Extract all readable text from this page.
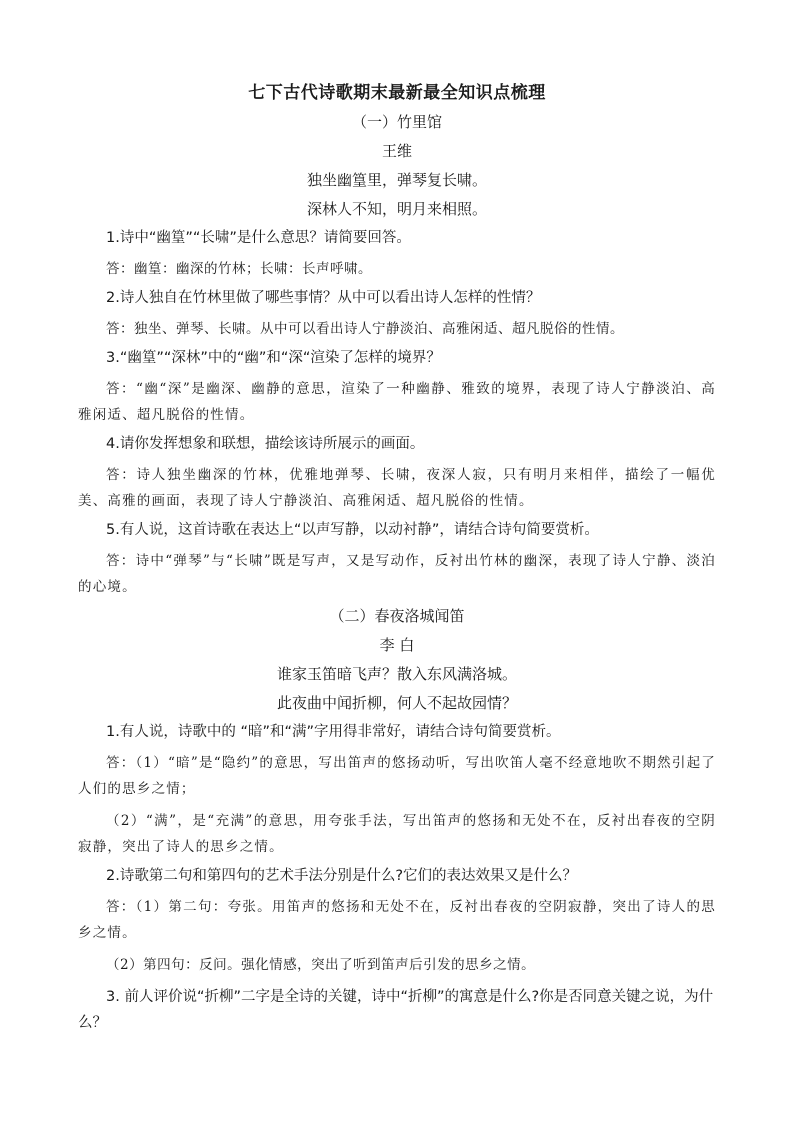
七下古代诗歌期末最新最全知识点梳理
（一）竹里馆
王维
独坐幽篁里，弹琴复长啸。
深林人不知，明月来相照。
1.诗中“幽篁”“长啸”是什么意思？请简要回答。
答：幽篁：幽深的竹林；长啸：长声呼啸。
2.诗人独自在竹林里做了哪些事情？从中可以看出诗人怎样的性情？
答：独坐、弹琴、长啸。从中可以看出诗人宁静淡泊、高雅闲适、超凡脱俗的性情。
3.“幽篁”“深林”中的“幽”和“深“渲染了怎样的境界？
答：“幽“深”是幽深、幽静的意思，渲染了一种幽静、雅致的境界，表现了诗人宁静淡泊、高雅闲适、超凡脱俗的性情。
4.请你发挥想象和联想，描绘该诗所展示的画面。
答：诗人独坐幽深的竹林，优雅地弹琴、长啸，夜深人寂，只有明月来相伴，描绘了一幅优美、高雅的画面，表现了诗人宁静淡泊、高雅闲适、超凡脱俗的性情。
5.有人说，这首诗歌在表达上“以声写静，以动衬静”，请结合诗句简要赏析。
答：诗中“弹琴”与“长啸”既是写声，又是写动作，反衬出竹林的幽深，表现了诗人宁静、淡泊的心境。
（二）春夜洛城闻笛
李 白
谁家玉笛暗飞声？散入东风满洛城。
此夜曲中闻折柳，何人不起故园情？
1.有人说，诗歌中的 “暗”和“满”字用得非常好，请结合诗句简要赏析。
答：（1）“暗”是“隐约”的意思，写出笛声的悠扬动听，写出吹笛人毫不经意地吹不期然引起了人们的思乡之情；
（2）“满”，是“充满”的意思，用夸张手法，写出笛声的悠扬和无处不在，反衬出春夜的空阴寂静，突出了诗人的思乡之情。
2.诗歌第二句和第四句的艺术手法分别是什么?它们的表达效果又是什么？
答：（1）第二句：夸张。用笛声的悠扬和无处不在，反衬出春夜的空阴寂静，突出了诗人的思乡之情。
（2）第四句：反问。强化情感，突出了听到笛声后引发的思乡之情。
3. 前人评价说“折柳”二字是全诗的关键，诗中“折柳”的寓意是什么?你是否同意关键之说，为什么？
